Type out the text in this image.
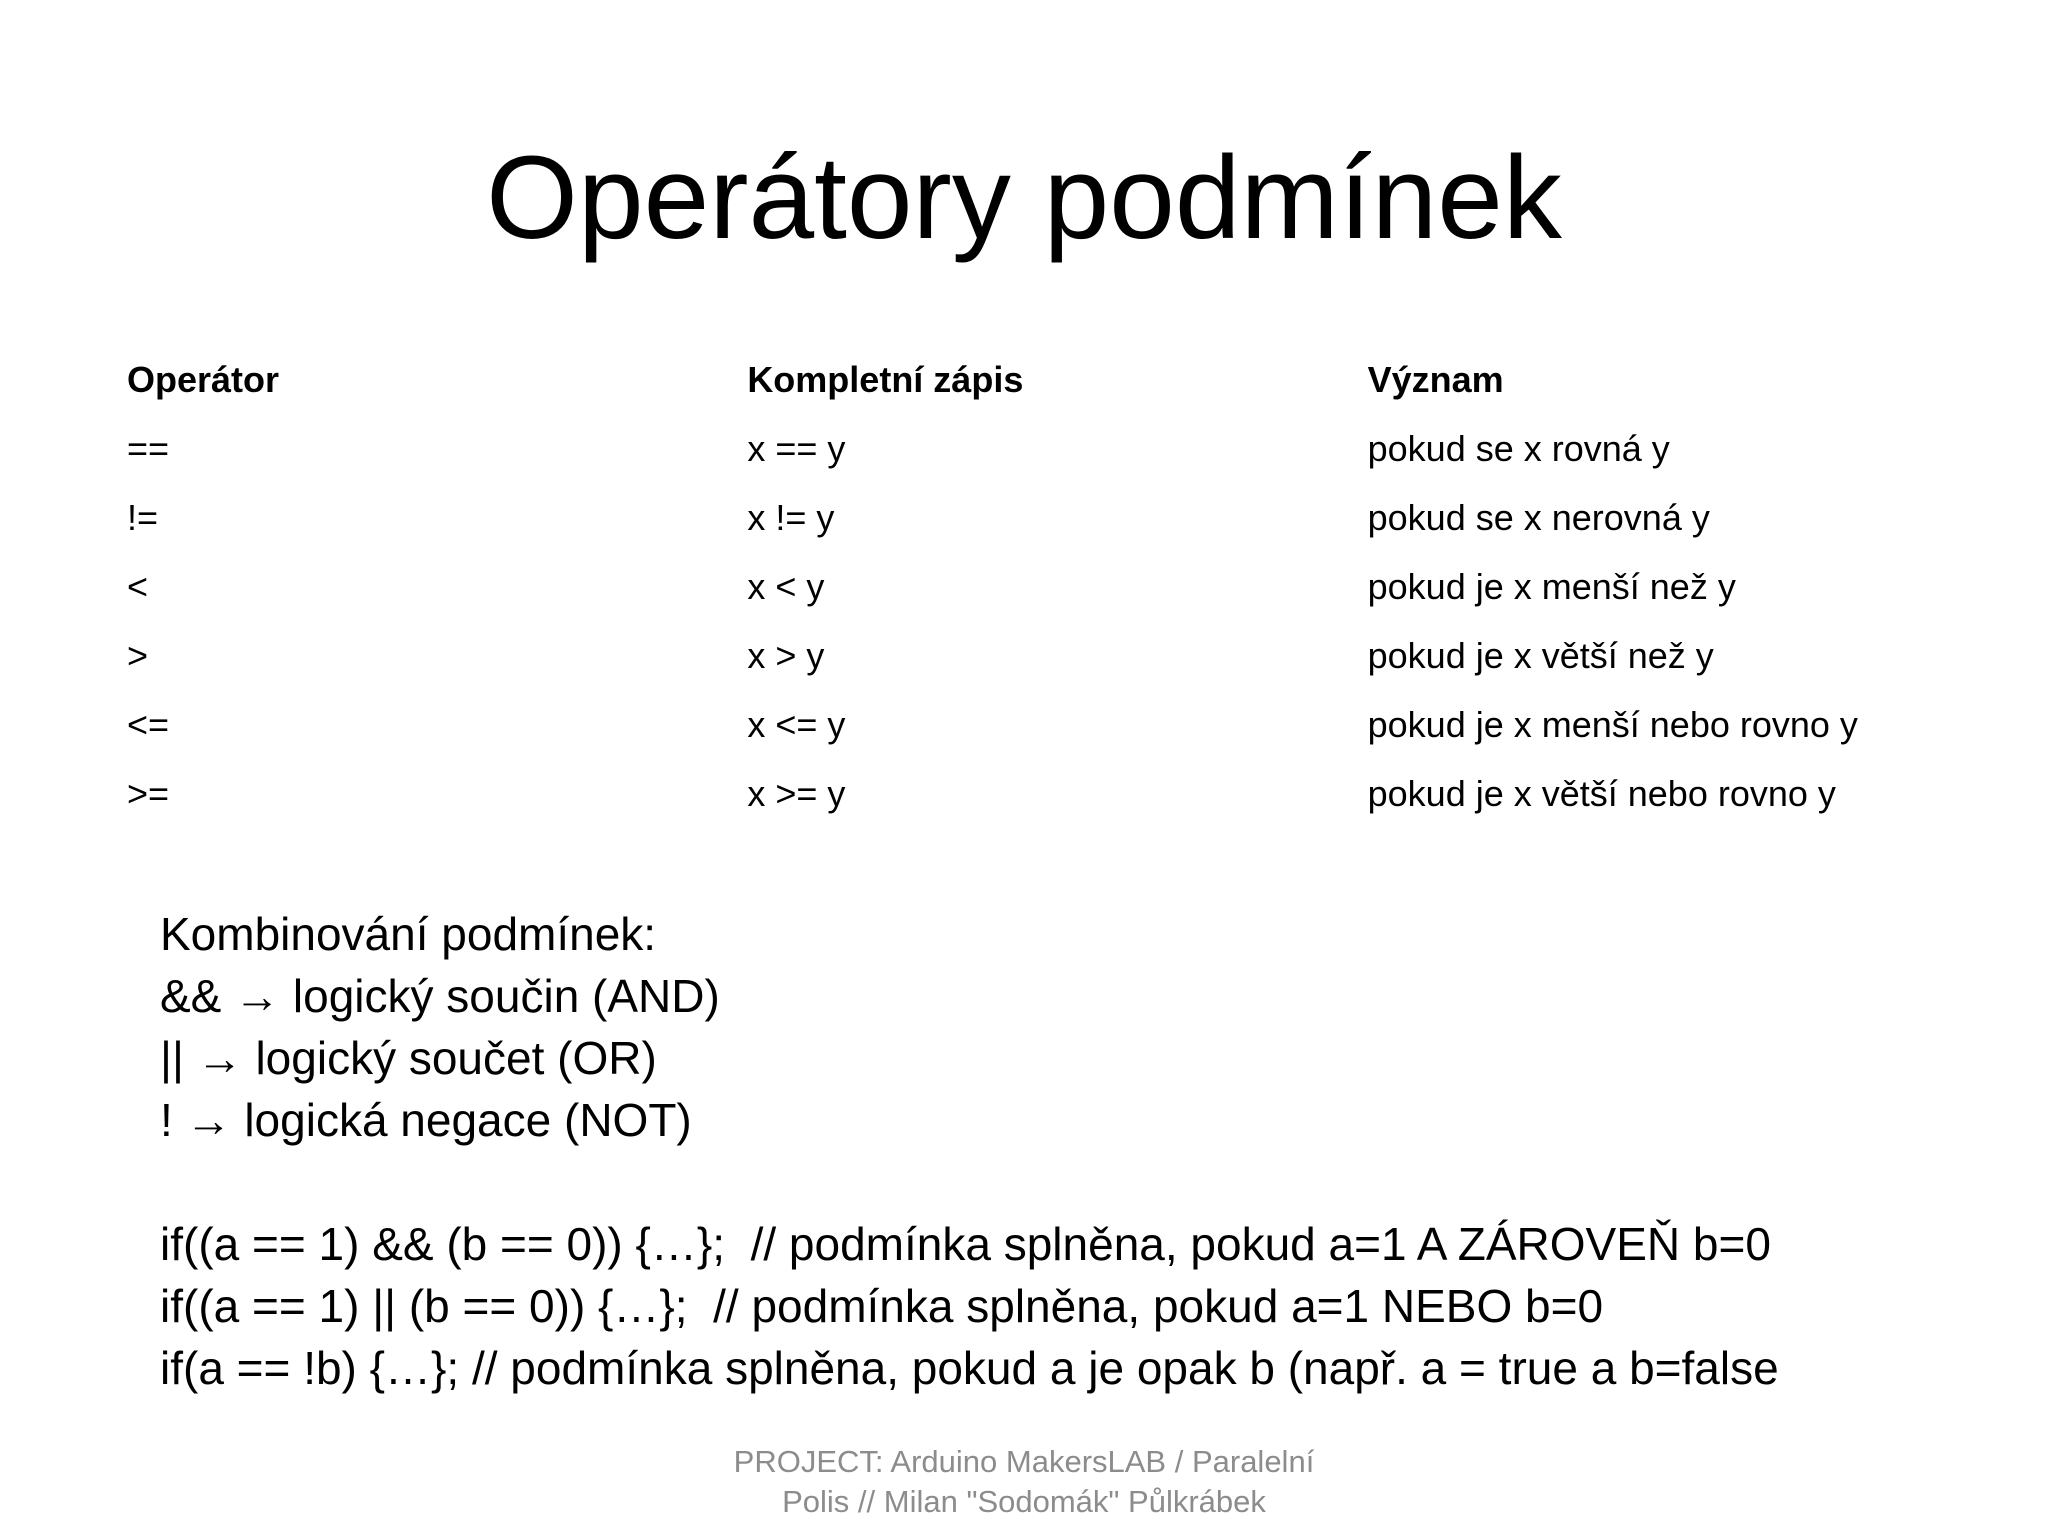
Operátory podmínek
Operátor	Kompletní zápis	Význam
==	x == y	pokud se x rovná y
!=	x != y	pokud se x nerovná y
<	x < y	pokud je x menší než y
>	x > y	pokud je x větší než y
<=	x <= y	pokud je x menší nebo rovno y
>=	x >= y	pokud je x větší nebo rovno y
Kombinování podmínek:
&& → logický součin (AND)
|| → logický součet (OR)
! → logická negace (NOT)
if((a == 1) && (b == 0)) {…};  // podmínka splněna, pokud a=1 A ZÁROVEŇ b=0
if((a == 1) || (b == 0)) {…};  // podmínka splněna, pokud a=1 NEBO b=0
if(a == !b) {…}; // podmínka splněna, pokud a je opak b (např. a = true a b=false
PROJECT: Arduino MakersLAB / Paralelní
Polis // Milan "Sodomák" Půlkrábek
